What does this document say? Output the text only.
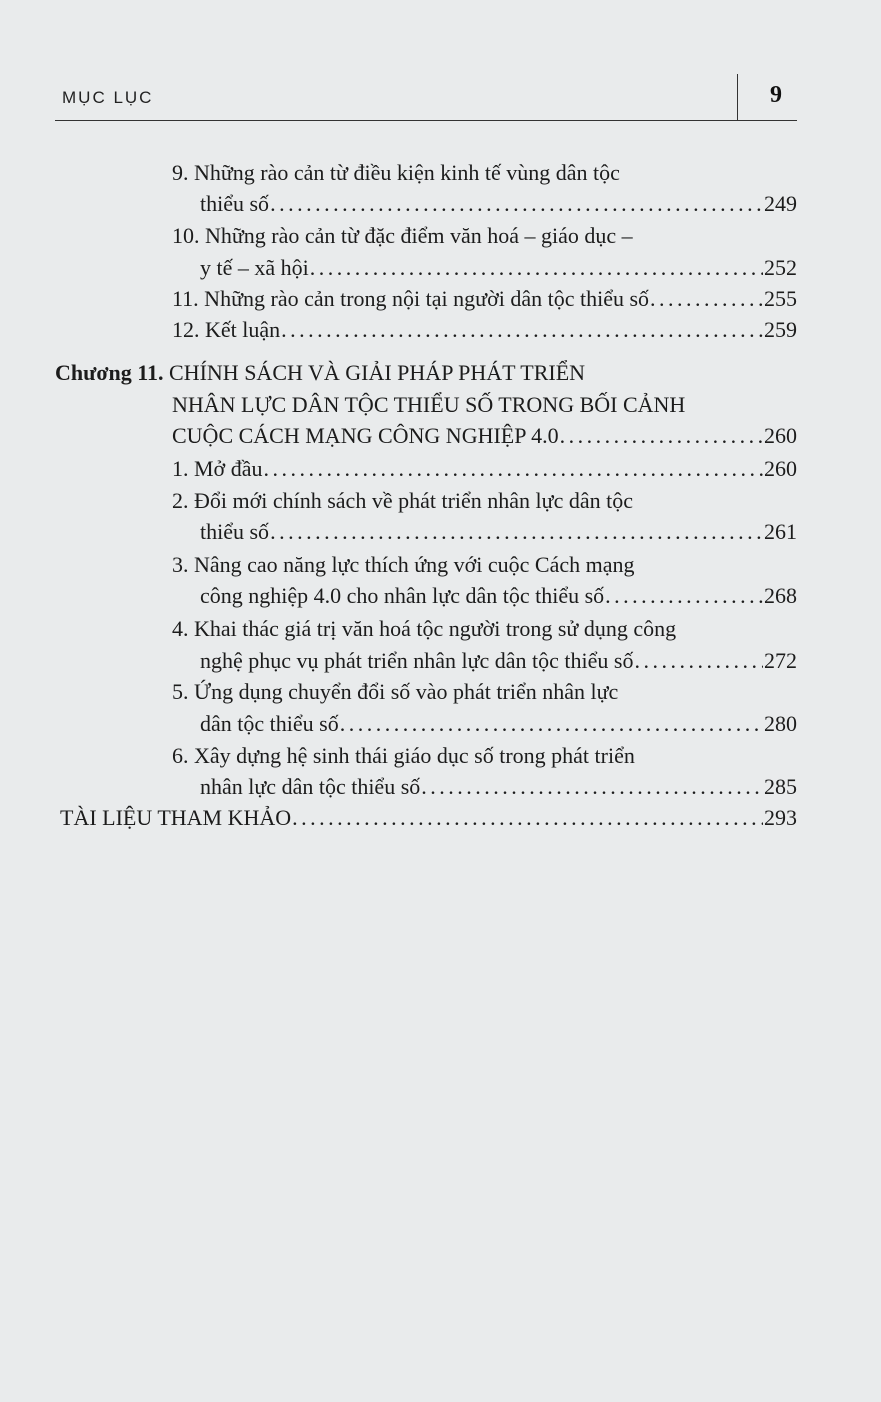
MỤC LỤC	9
9. Những rào cản từ điều kiện kinh tế vùng dân tộc
thiểu số . . .	249
10. Những rào cản từ đặc điểm văn hoá – giáo dục –
y tế – xã hội . . .	252
11. Những rào cản trong nội tại người dân tộc thiểu số . . .	255
12. Kết luận . . .	259
Chương 11. CHÍNH SÁCH VÀ GIẢI PHÁP PHÁT TRIỂN
NHÂN LỰC DÂN TỘC THIỂU SỐ TRONG BỐI CẢNH
CUỘC CÁCH MẠNG CÔNG NGHIỆP 4.0 . . .	260
1. Mở đầu . . .	260
2. Đổi mới chính sách về phát triển nhân lực dân tộc
thiểu số . . .	261
3. Nâng cao năng lực thích ứng với cuộc Cách mạng
công nghiệp 4.0 cho nhân lực dân tộc thiểu số . . .	268
4. Khai thác giá trị văn hoá tộc người trong sử dụng công
nghệ phục vụ phát triển nhân lực dân tộc thiểu số . . .	272
5. Ứng dụng chuyển đổi số vào phát triển nhân lực
dân tộc thiểu số . . .	280
6. Xây dựng hệ sinh thái giáo dục số trong phát triển
nhân lực dân tộc thiểu số . . .	285
TÀI LIỆU THAM KHẢO . . .	293
